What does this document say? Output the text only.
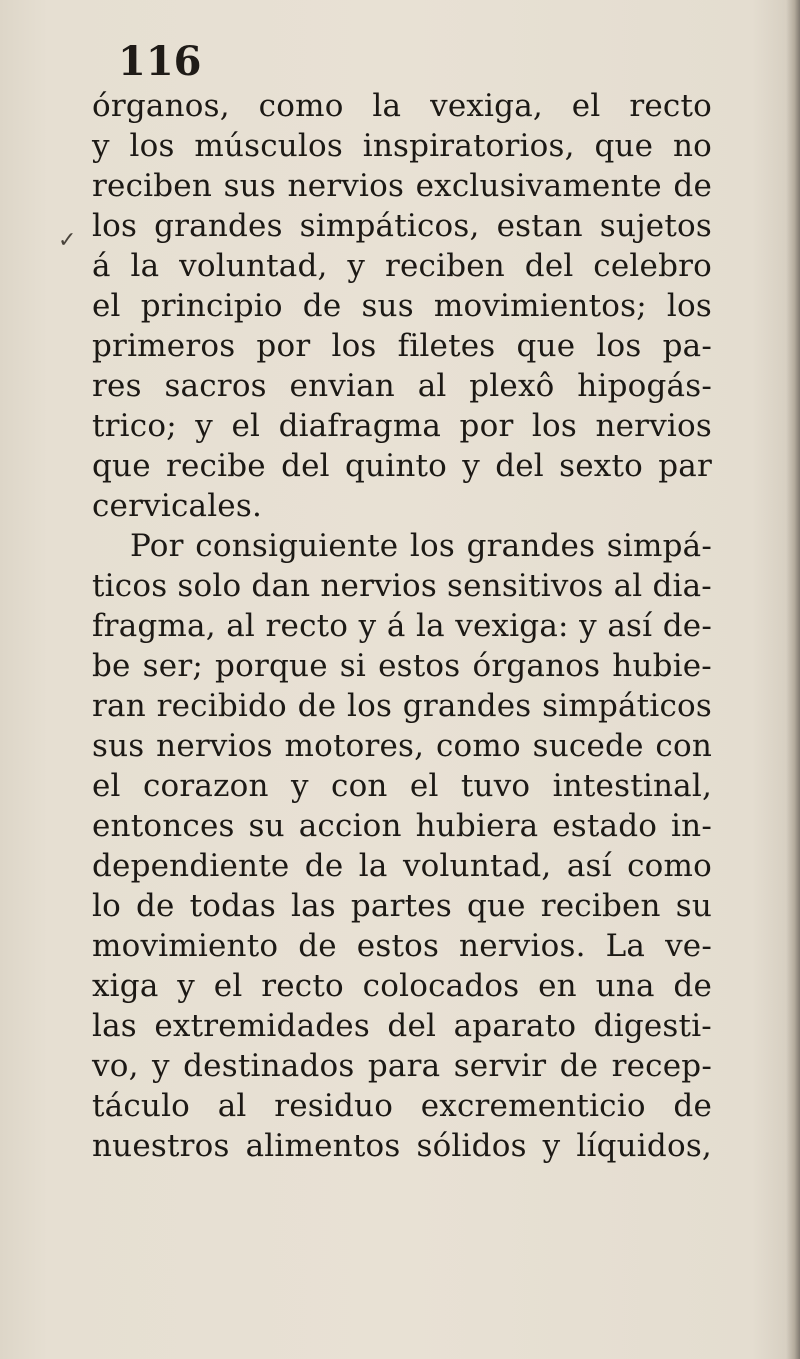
116
✓
órganos, como la vexiga, el recto
y los músculos inspiratorios, que no
reciben sus nervios exclusivamente de
los grandes simpáticos, estan sujetos
á la voluntad, y reciben del celebro
el principio de sus movimientos; los
primeros por los filetes que los pa-
res sacros envian al plexô hipogás-
trico; y el diafragma por los nervios
que recibe del quinto y del sexto par
cervicales.
Por consiguiente los grandes simpá-
ticos solo dan nervios sensitivos al dia-
fragma, al recto y á la vexiga: y así de-
be ser; porque si estos órganos hubie-
ran recibido de los grandes simpáticos
sus nervios motores, como sucede con
el corazon y con el tuvo intestinal,
entonces su accion hubiera estado in-
dependiente de la voluntad, así como
lo de todas las partes que reciben su
movimiento de estos nervios. La ve-
xiga y el recto colocados en una de
las extremidades del aparato digesti-
vo, y destinados para servir de recep-
táculo al residuo excrementicio de
nuestros alimentos sólidos y líquidos,
